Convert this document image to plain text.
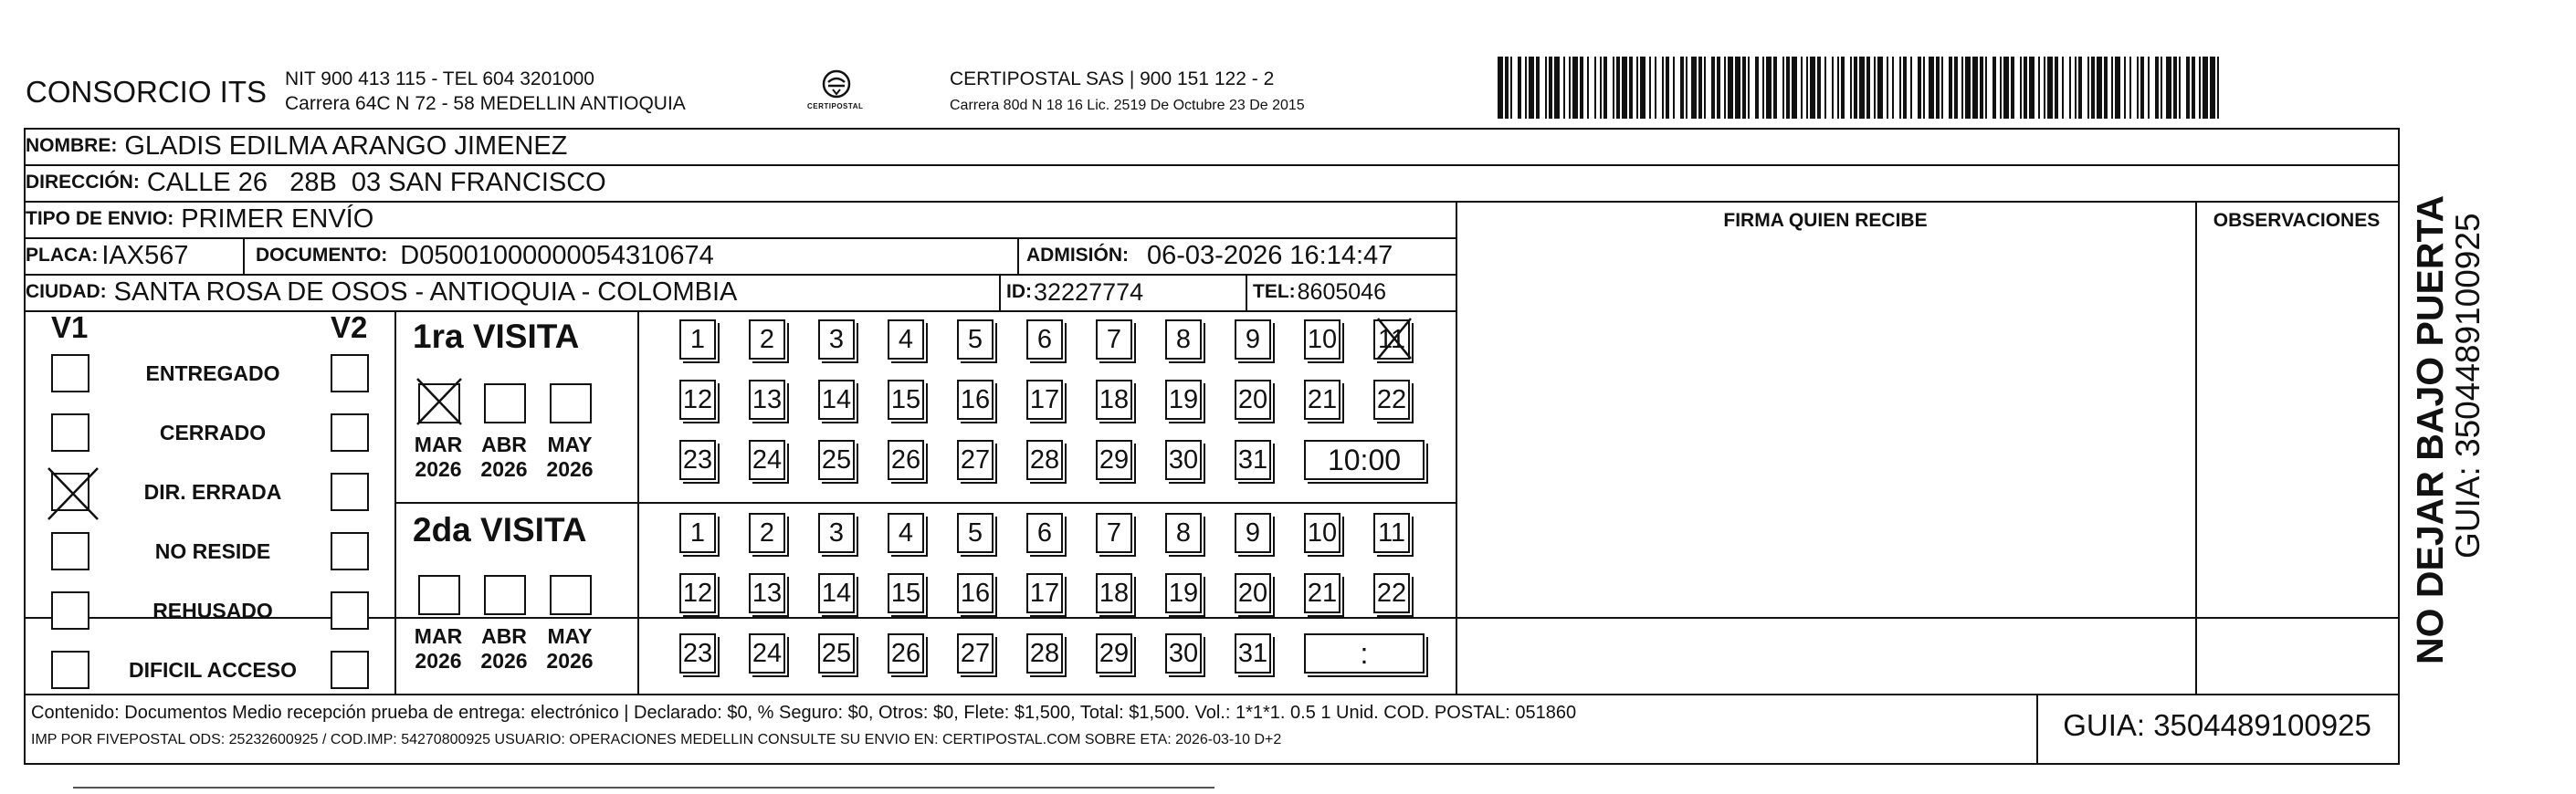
CONSORCIO ITS NIT 900 413 115 - TEL 604 3201000
Carrera 64C N 72 - 58 MEDELLIN ANTIOQUIA	CERTIPOSTAL
CERTIPOSTAL SAS | 900 151 122 - 2
Carrera 80d N 18 16 Lic. 2519 De Octubre 23 De 2015
NOMBRE: GLADIS EDILMA ARANGO JIMENEZ
DIRECCIÓN: CALLE 26   28B  03 SAN FRANCISCO
TIPO DE ENVIO: PRIMER ENVÍO	FIRMA QUIEN RECIBE	OBSERVACIONES
PLACA: IAX567	DOCUMENTO: D05001000000054310674	ADMISIÓN: 06-03-2026 16:14:47
CIUDAD: SANTA ROSA DE OSOS - ANTIOQUIA - COLOMBIA	ID: 32227774	TEL: 8605046
V1	V2
ENTREGADO
CERRADO
DIR. ERRADA
NO RESIDE
REHUSADO
DIFICIL ACCESO
1ra VISITA
2da VISITA
MAR
2026
ABR
2026
MAY
2026
1	2	3	4	5	6	7	8	9	10 11
12 13 14 15 16 17 18 19 20 21 22
23 24 25 26 27 28 29 30 31	10:00
MAR
2026
ABR
2026
MAY
2026
1	2	3	4	5	6	7	8	9	10 11
12 13 14 15 16 17 18 19 20 21 22
23 24 25 26 27 28 29 30 31	:
Contenido: Documentos Medio recepción prueba de entrega: electrónico | Declarado: $0, % Seguro: $0, Otros: $0, Flete: $1,500, Total: $1,500. Vol.: 1*1*1. 0.5 1 Unid. COD. POSTAL: 051860
IMP POR FIVEPOSTAL ODS: 25232600925 / COD.IMP: 54270800925 USUARIO: OPERACIONES MEDELLIN CONSULTE SU ENVIO EN: CERTIPOSTAL.COM SOBRE ETA: 2026-03-10 D+2	GUIA: 3504489100925
NO DEJAR BAJO PUERTA
GUIA: 3504489100925
